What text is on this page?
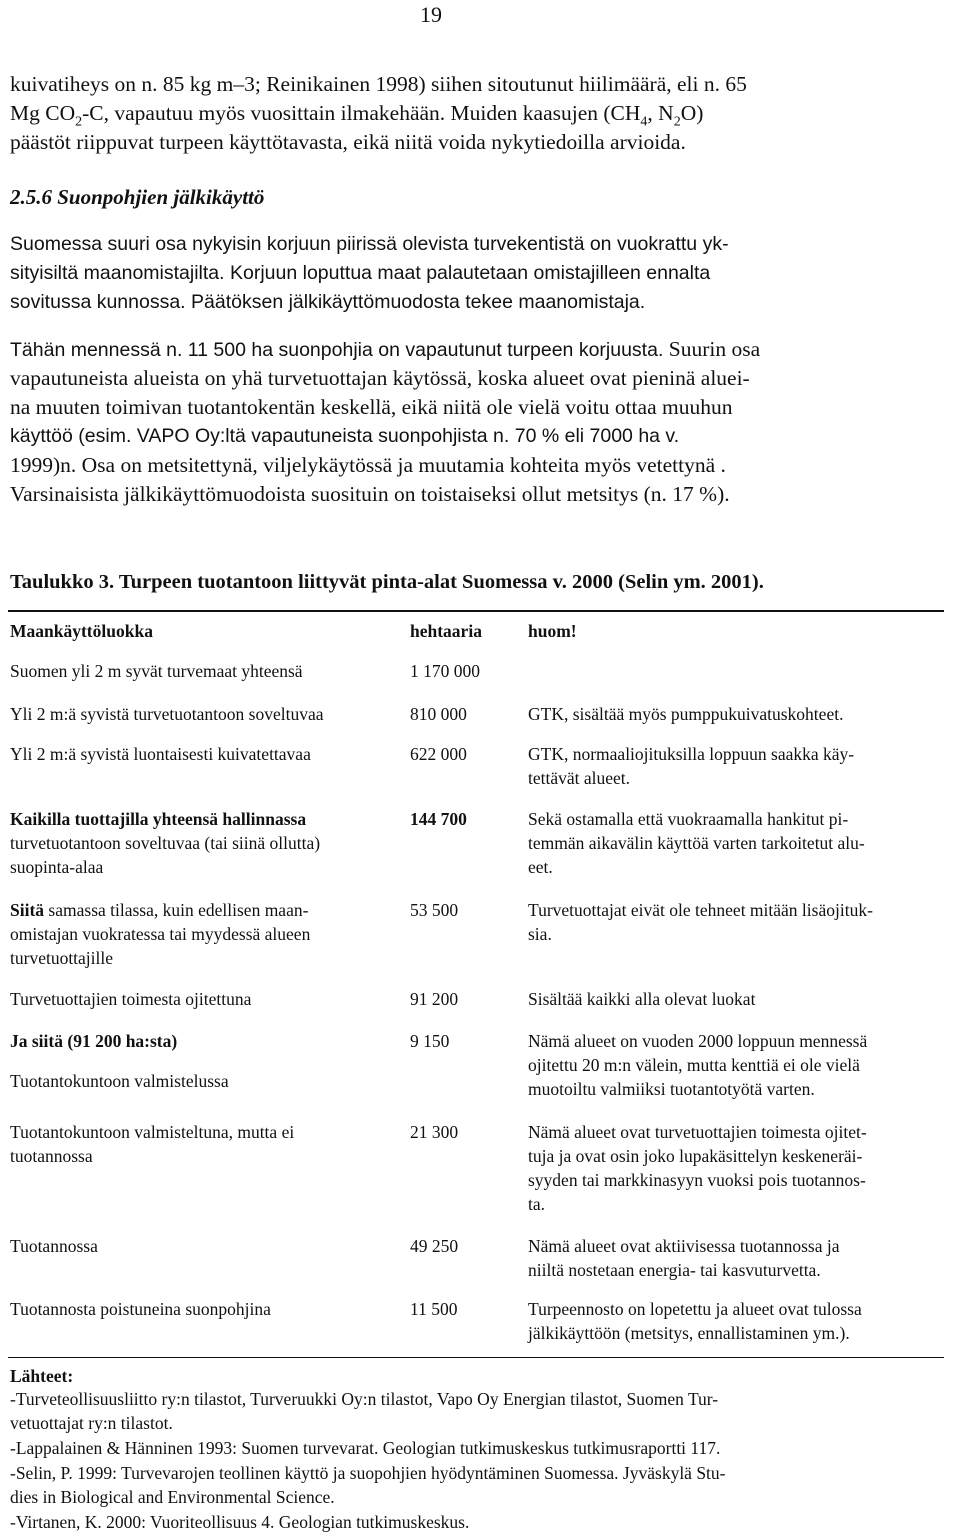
19
kuivatiheys on n. 85 kg m–3; Reinikainen 1998) siihen sitoutunut hiilimäärä, eli n. 65
Mg $CO_2-C$, vapautuu myös vuosittain ilmakehään. Muiden kaasujen ($CH_4$, $N_2O$)
päästöt riippuvat turpeen käyttötavasta, eikä niitä voida nykytiedoilla arvioida.
2.5.6 Suonpohjien jälkikäyttö
Suomessa suuri osa nykyisin korjuun piirissä olevista turvekentistä on vuokrattu yk-
sityisiltä maanomistajilta. Korjuun loputtua maat palautetaan omistajilleen ennalta
sovitussa kunnossa. Päätöksen jälkikäyttömuodosta tekee maanomistaja.
Tähän mennessä n. 11 500 ha suonpohjia on vapautunut turpeen korjuusta. Suurin osa
vapautuneista alueista on yhä turvetuottajan käytössä, koska alueet ovat pieninä aluei-
na muuten toimivan tuotantokentän keskellä, eikä niitä ole vielä voitu ottaa muuhun
käyttöö (esim. VAPO Oy:ltä vapautuneista suonpohjista n. 70 % eli 7000 ha v.
1999)n. Osa on metsitettynä, viljelykäytössä ja muutamia kohteita myös vetettynä .
Varsinaisista jälkikäyttömuodoista suosituin on toistaiseksi ollut metsitys (n. 17 %).
Taulukko 3. Turpeen tuotantoon liittyvät pinta-alat Suomessa v. 2000 (Selin ym. 2001).
Maankäyttöluokka	hehtaaria	huom!
Suomen yli 2 m syvät turvemaat yhteensä	1 170 000
Yli 2 m:ä syvistä turvetuotantoon soveltuvaa	810 000	GTK, sisältää myös pumppukuivatuskohteet.
Yli 2 m:ä syvistä luontaisesti kuivatettavaa	622 000	GTK, normaaliojituksilla loppuun saakka käy-
tettävät alueet.
Kaikilla tuottajilla yhteensä hallinnassa
turvetuotantoon soveltuvaa (tai siinä ollutta)
suopinta-alaa
144 700	Sekä ostamalla että vuokraamalla hankitut pi-
temmän aikavälin käyttöä varten tarkoitetut alu-
eet.
Siitä samassa tilassa, kuin edellisen maan-
omistajan vuokratessa tai myydessä alueen
turvetuottajille
53 500	Turvetuottajat eivät ole tehneet mitään lisäojituk-
sia.
Turvetuottajien toimesta ojitettuna	91 200	Sisältää kaikki alla olevat luokat
Ja siitä (91 200 ha:sta)
Tuotantokuntoon valmistelussa
9 150	Nämä alueet on vuoden 2000 loppuun mennessä
ojitettu 20 m:n välein, mutta kenttiä ei ole vielä
muotoiltu valmiiksi tuotantotyötä varten.
Tuotantokuntoon valmisteltuna, mutta ei
tuotannossa
21 300	Nämä alueet ovat turvetuottajien toimesta ojitet-
tuja ja ovat osin joko lupakäsittelyn keskeneräi-
syyden tai markkinasyyn vuoksi pois tuotannos-
ta.
Tuotannossa	49 250	Nämä alueet ovat aktiivisessa tuotannossa ja
niiltä nostetaan energia- tai kasvuturvetta.
Tuotannosta poistuneina suonpohjina	11 500	Turpeennosto on lopetettu ja alueet ovat tulossa
jälkikäyttöön (metsitys, ennallistaminen ym.).
Lähteet:
-Turveteollisuusliitto ry:n tilastot, Turveruukki Oy:n tilastot, Vapo Oy Energian tilastot, Suomen Tur-
vetuottajat ry:n tilastot.
-Lappalainen & Hänninen 1993: Suomen turvevarat. Geologian tutkimuskeskus tutkimusraportti 117.
-Selin, P. 1999: Turvevarojen teollinen käyttö ja suopohjien hyödyntäminen Suomessa. Jyväskylä Stu-
dies in Biological and Environmental Science.
-Virtanen, K. 2000: Vuoriteollisuus 4. Geologian tutkimuskeskus.
